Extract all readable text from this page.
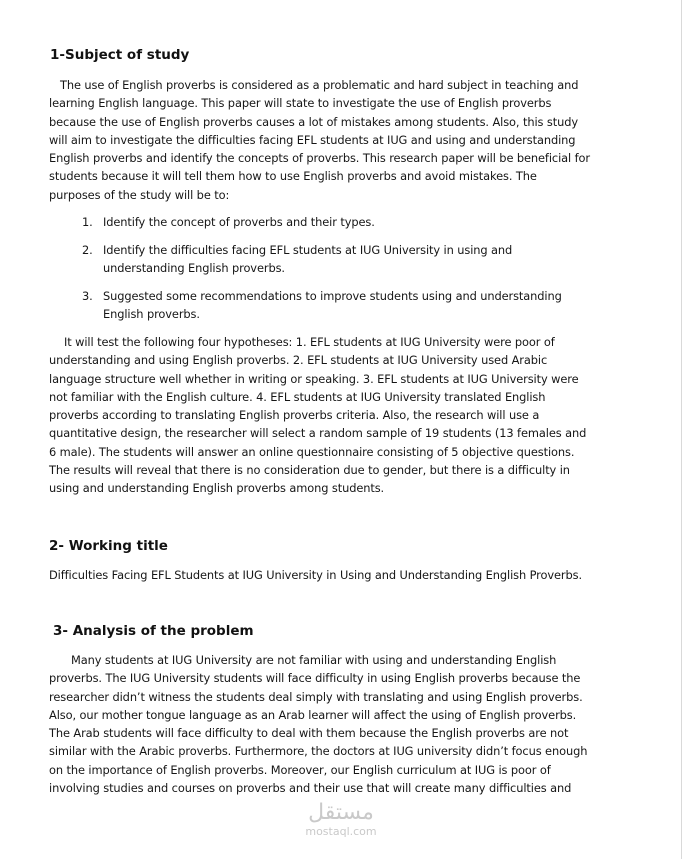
1-Subject of study

The use of English proverbs is considered as a problematic and hard subject in teaching and learning English language. This paper will state to investigate the use of English proverbs because the use of English proverbs causes a lot of mistakes among students. Also, this study will aim to investigate the difficulties facing EFL students at IUG and using and understanding English proverbs and identify the concepts of proverbs. This research paper will be beneficial for students because it will tell them how to use English proverbs and avoid mistakes. The purposes of the study will be to:

1. Identify the concept of proverbs and their types.
2. Identify the difficulties facing EFL students at IUG University in using and understanding English proverbs.
3. Suggested some recommendations to improve students using and understanding English proverbs.

It will test the following four hypotheses: 1. EFL students at IUG University were poor of understanding and using English proverbs. 2. EFL students at IUG University used Arabic language structure well whether in writing or speaking. 3. EFL students at IUG University were not familiar with the English culture. 4. EFL students at IUG University translated English proverbs according to translating English proverbs criteria. Also, the research will use a quantitative design, the researcher will select a random sample of 19 students (13 females and 6 male). The students will answer an online questionnaire consisting of 5 objective questions. The results will reveal that there is no consideration due to gender, but there is a difficulty in using and understanding English proverbs among students.

2- Working title

Difficulties Facing EFL Students at IUG University in Using and Understanding English Proverbs.

3- Analysis of the problem

Many students at IUG University are not familiar with using and understanding English proverbs. The IUG University students will face difficulty in using English proverbs because the researcher didn’t witness the students deal simply with translating and using English proverbs. Also, our mother tongue language as an Arab learner will affect the using of English proverbs. The Arab students will face difficulty to deal with them because the English proverbs are not similar with the Arabic proverbs. Furthermore, the doctors at IUG university didn’t focus enough on the importance of English proverbs. Moreover, our English curriculum at IUG is poor of involving studies and courses on proverbs and their use that will create many difficulties and

مستقل
mostaql.com
